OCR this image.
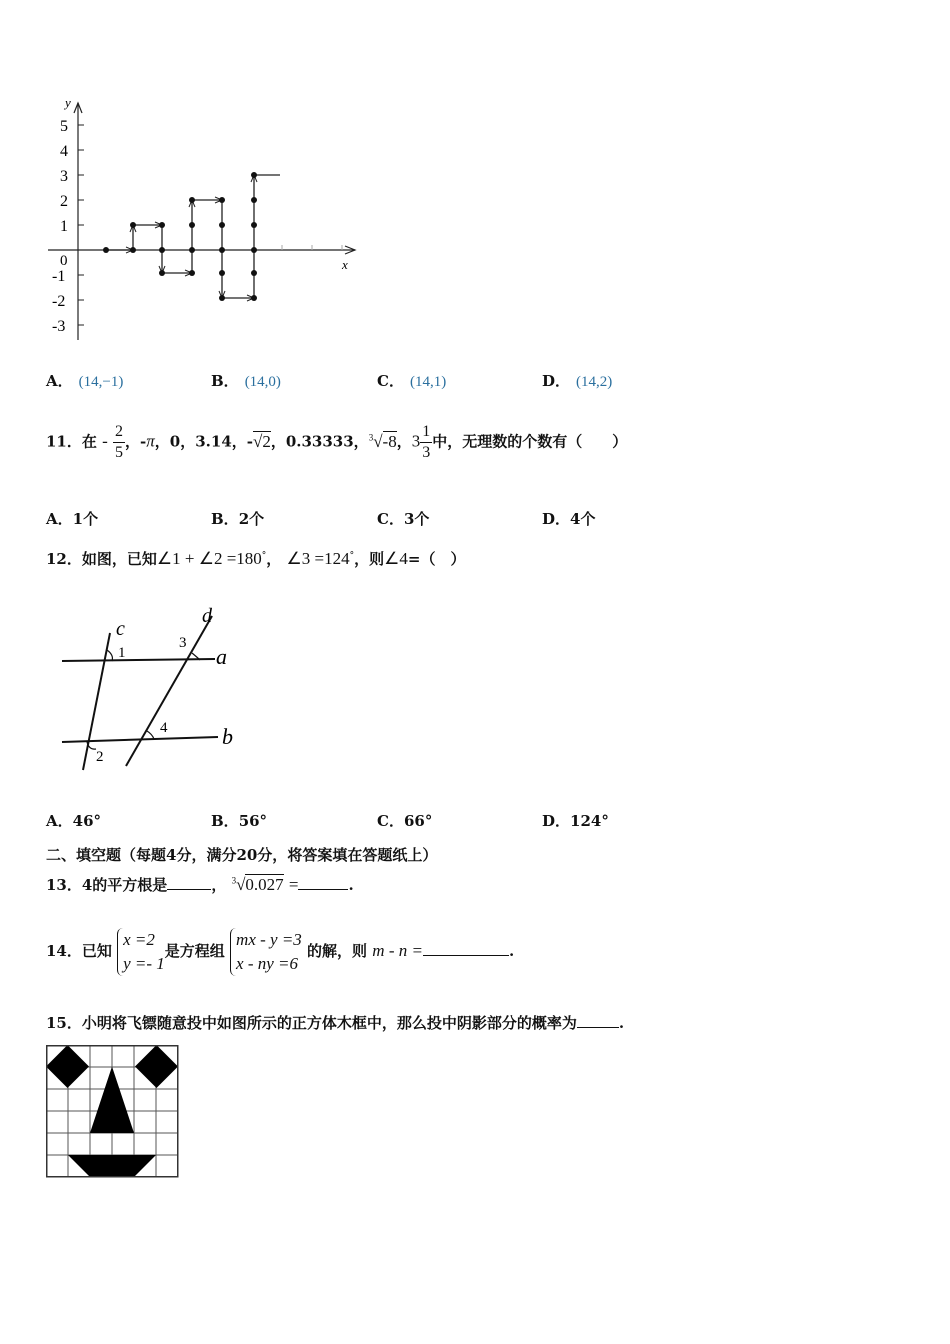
y
x
0
5
4
3
2
1
-1
-2
-3
A． (14,−1)	B． (14,0)	C． (14,1)	D． (14,2)
11．在 - $\frac{2}{5}$ ，-π，0，3.14，-√2，0.33333，$^3$√-8，$3 \frac{1}{3}$ 中，无理数的个数有（　　）
A．1个	B．2个	C．3个	D．4个
12．如图，已知∠1 + ∠2 =180°， ∠3 =124°，则∠4=（　）
c
d
a
b
1
2
3
4
A．46°	B．56°	C．66°	D．124°
二、填空题（每题4分，满分20分，将答案填在答题纸上）
13．4的平方根是	， $^3$√0.027 =	.
14．已知
x =2
y =- 1
是方程组
mx - y =3
x - ny =6
的解，则 m - n =	.
15．小明将飞镖随意投中如图所示的正方体木框中，那么投中阴影部分的概率为	.
